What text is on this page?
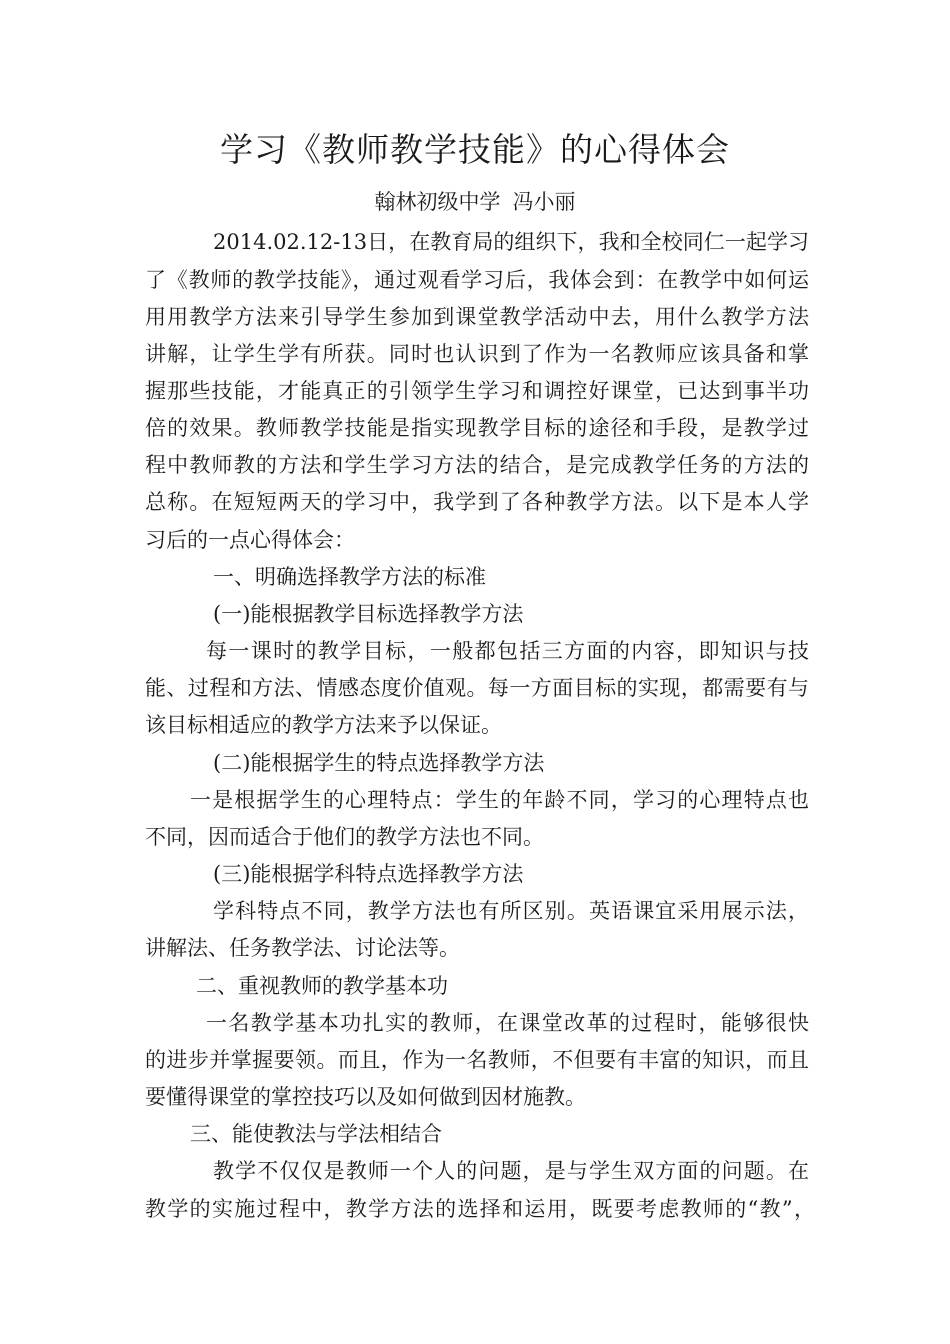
学习《教师教学技能》的心得体会
翰林初级中学 冯小丽
2014.02.12-13日，在教育局的组织下，我和全校同仁一起学习
了《教师的教学技能》，通过观看学习后，我体会到：在教学中如何运
用用教学方法来引导学生参加到课堂教学活动中去，用什么教学方法
讲解，让学生学有所获。同时也认识到了作为一名教师应该具备和掌
握那些技能，才能真正的引领学生学习和调控好课堂，已达到事半功
倍的效果。教师教学技能是指实现教学目标的途径和手段，是教学过
程中教师教的方法和学生学习方法的结合，是完成教学任务的方法的
总称。在短短两天的学习中，我学到了各种教学方法。以下是本人学
习后的一点心得体会：
一、明确选择教学方法的标准
(一)能根据教学目标选择教学方法
每一课时的教学目标，一般都包括三方面的内容，即知识与技
能、过程和方法、情感态度价值观。每一方面目标的实现，都需要有与
该目标相适应的教学方法来予以保证。
(二)能根据学生的特点选择教学方法
一是根据学生的心理特点：学生的年龄不同，学习的心理特点也
不同，因而适合于他们的教学方法也不同。
(三)能根据学科特点选择教学方法
学科特点不同，教学方法也有所区别。英语课宜采用展示法，
讲解法、任务教学法、讨论法等。
二、重视教师的教学基本功
一名教学基本功扎实的教师，在课堂改革的过程时，能够很快
的进步并掌握要领。而且，作为一名教师，不但要有丰富的知识，而且
要懂得课堂的掌控技巧以及如何做到因材施教。
三、能使教法与学法相结合
教学不仅仅是教师一个人的问题，是与学生双方面的问题。在
教学的实施过程中，教学方法的选择和运用，既要考虑教师的“教”，
